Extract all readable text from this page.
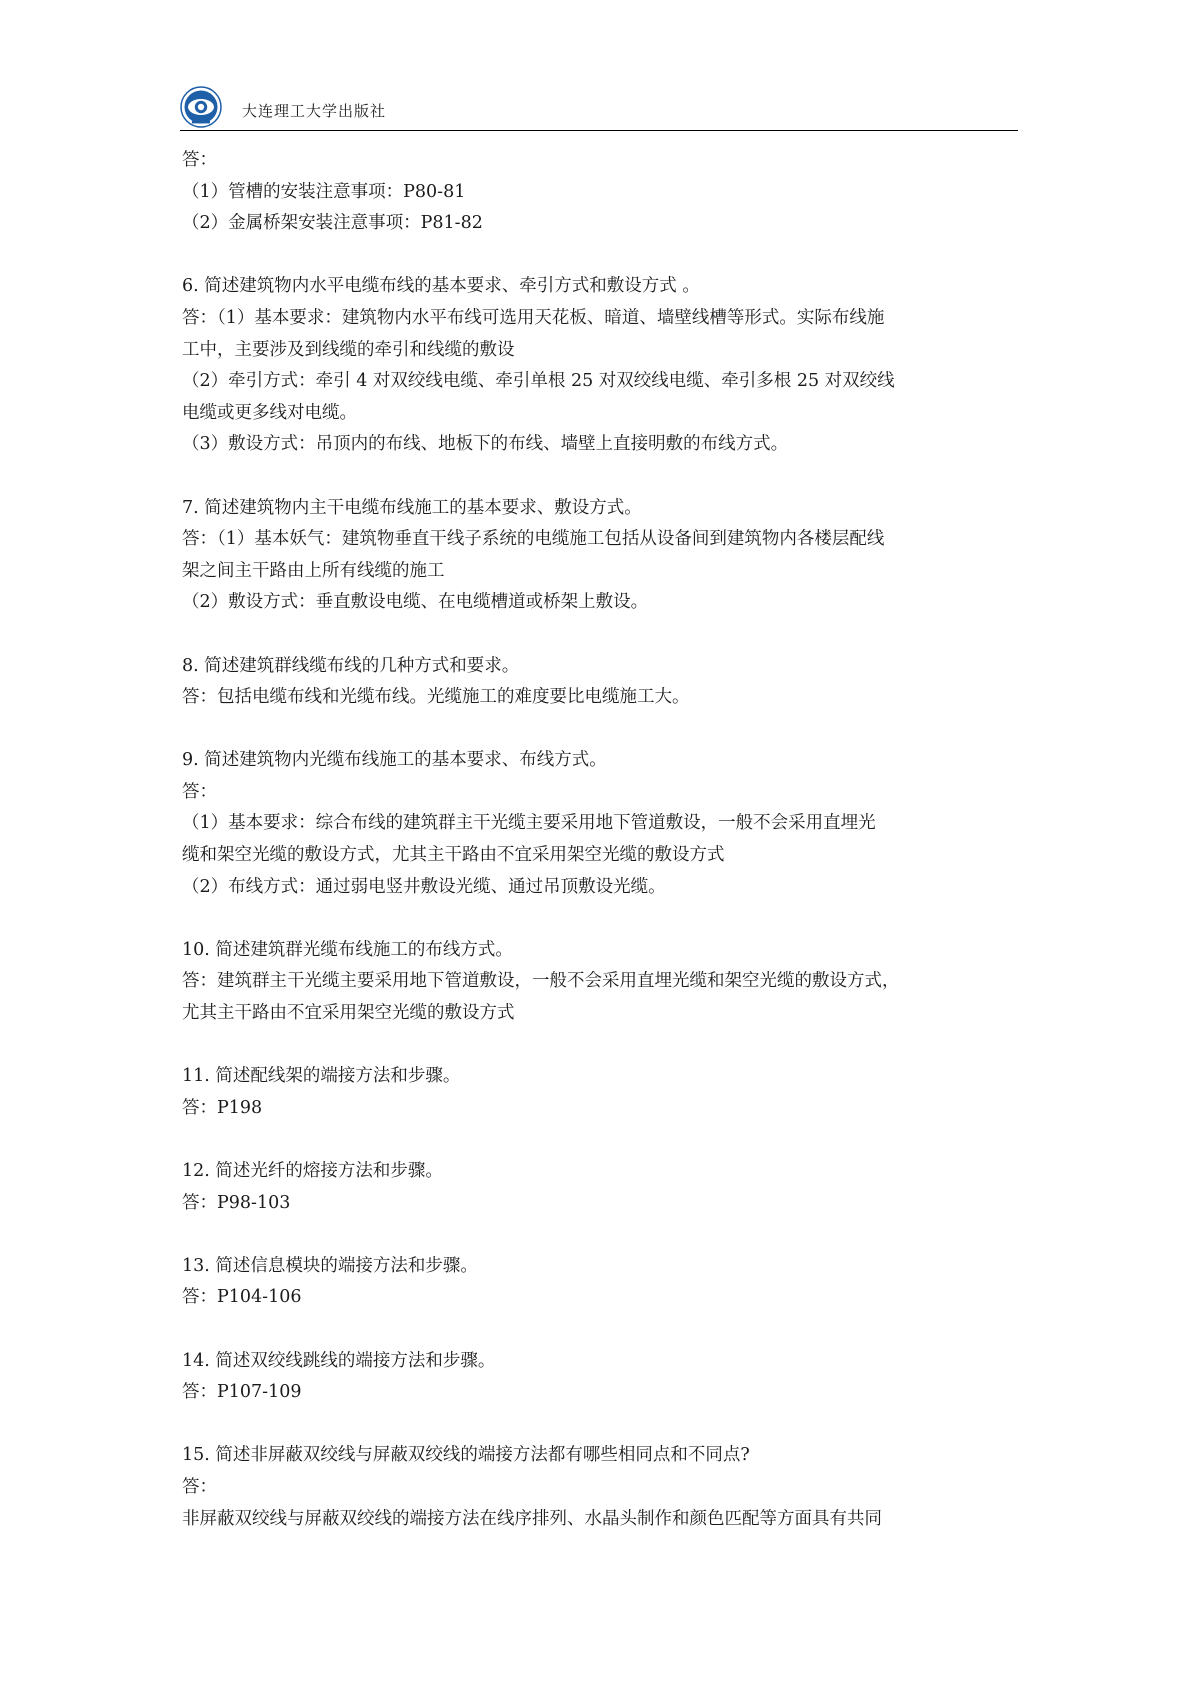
大连理工大学出版社

答：

（1）管槽的安装注意事项：P80-81

（2）金属桥架安装注意事项：P81-82

6. 简述建筑物内水平电缆布线的基本要求、牵引方式和敷设方式 。

答：（1）基本要求：建筑物内水平布线可选用天花板、暗道、墙壁线槽等形式。实际布线施

工中，主要涉及到线缆的牵引和线缆的敷设

（2）牵引方式：牵引 4 对双绞线电缆、牵引单根 25 对双绞线电缆、牵引多根 25 对双绞线

电缆或更多线对电缆。

（3）敷设方式：吊顶内的布线、地板下的布线、墙壁上直接明敷的布线方式。

7. 简述建筑物内主干电缆布线施工的基本要求、敷设方式。

答：（1）基本妖气：建筑物垂直干线子系统的电缆施工包括从设备间到建筑物内各楼层配线

架之间主干路由上所有线缆的施工

（2）敷设方式：垂直敷设电缆、在电缆槽道或桥架上敷设。

8. 简述建筑群线缆布线的几种方式和要求。

答：包括电缆布线和光缆布线。光缆施工的难度要比电缆施工大。

9. 简述建筑物内光缆布线施工的基本要求、布线方式。

答：

（1）基本要求：综合布线的建筑群主干光缆主要采用地下管道敷设，一般不会采用直埋光

缆和架空光缆的敷设方式，尤其主干路由不宜采用架空光缆的敷设方式

（2）布线方式：通过弱电竖井敷设光缆、通过吊顶敷设光缆。

10. 简述建筑群光缆布线施工的布线方式。

答：建筑群主干光缆主要采用地下管道敷设，一般不会采用直埋光缆和架空光缆的敷设方式，

尤其主干路由不宜采用架空光缆的敷设方式

11. 简述配线架的端接方法和步骤。

答：P198

12. 简述光纤的熔接方法和步骤。

答：P98-103

13. 简述信息模块的端接方法和步骤。

答：P104-106

14. 简述双绞线跳线的端接方法和步骤。

答：P107-109

15. 简述非屏蔽双绞线与屏蔽双绞线的端接方法都有哪些相同点和不同点?

答：

非屏蔽双绞线与屏蔽双绞线的端接方法在线序排列、水晶头制作和颜色匹配等方面具有共同
